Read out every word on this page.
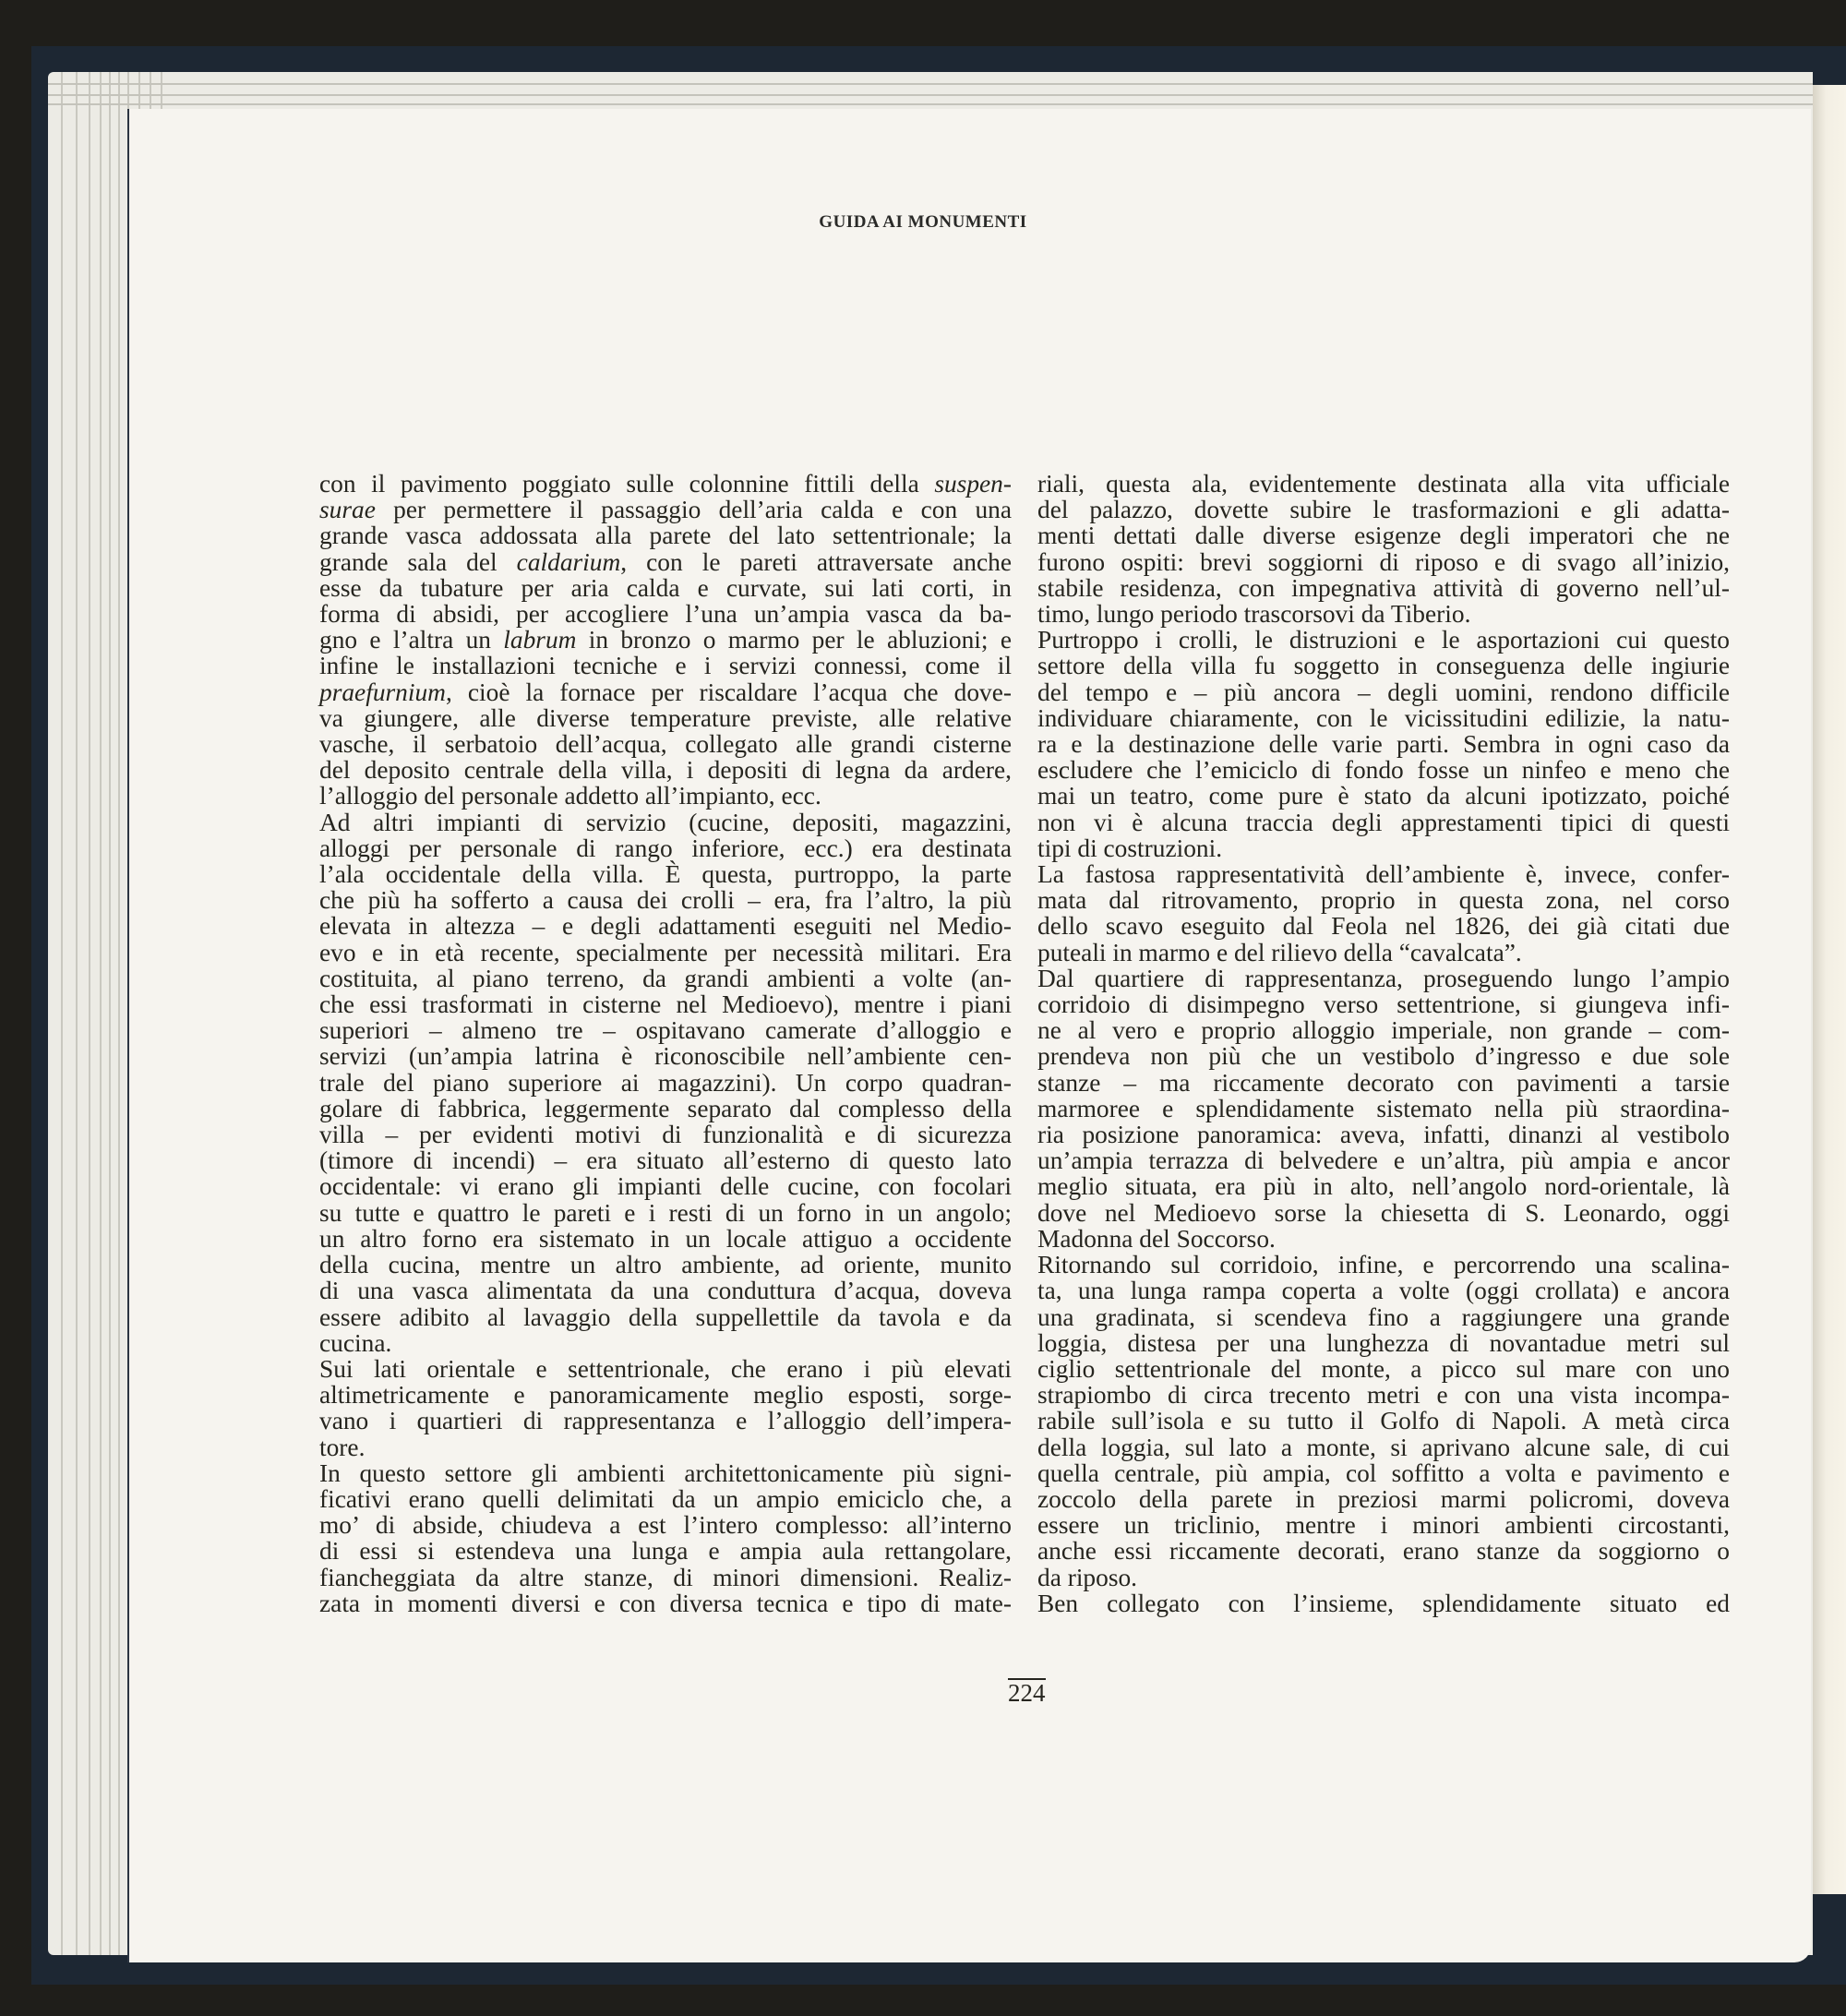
GUIDA AI MONUMENTI
con il pavimento poggiato sulle colonnine fittili della suspen-
surae per permettere il passaggio dell’aria calda e con una
grande vasca addossata alla parete del lato settentrionale; la
grande sala del caldarium, con le pareti attraversate anche
esse da tubature per aria calda e curvate, sui lati corti, in
forma di absidi, per accogliere l’una un’ampia vasca da ba-
gno e l’altra un labrum in bronzo o marmo per le abluzioni; e
infine le installazioni tecniche e i servizi connessi, come il
praefurnium, cioè la fornace per riscaldare l’acqua che dove-
va giungere, alle diverse temperature previste, alle relative
vasche, il serbatoio dell’acqua, collegato alle grandi cisterne
del deposito centrale della villa, i depositi di legna da ardere,
l’alloggio del personale addetto all’impianto, ecc.
Ad altri impianti di servizio (cucine, depositi, magazzini,
alloggi per personale di rango inferiore, ecc.) era destinata
l’ala occidentale della villa. È questa, purtroppo, la parte
che più ha sofferto a causa dei crolli – era, fra l’altro, la più
elevata in altezza – e degli adattamenti eseguiti nel Medio-
evo e in età recente, specialmente per necessità militari. Era
costituita, al piano terreno, da grandi ambienti a volte (an-
che essi trasformati in cisterne nel Medioevo), mentre i piani
superiori – almeno tre – ospitavano camerate d’alloggio e
servizi (un’ampia latrina è riconoscibile nell’ambiente cen-
trale del piano superiore ai magazzini). Un corpo quadran-
golare di fabbrica, leggermente separato dal complesso della
villa – per evidenti motivi di funzionalità e di sicurezza
(timore di incendi) – era situato all’esterno di questo lato
occidentale: vi erano gli impianti delle cucine, con focolari
su tutte e quattro le pareti e i resti di un forno in un angolo;
un altro forno era sistemato in un locale attiguo a occidente
della cucina, mentre un altro ambiente, ad oriente, munito
di una vasca alimentata da una conduttura d’acqua, doveva
essere adibito al lavaggio della suppellettile da tavola e da
cucina.
Sui lati orientale e settentrionale, che erano i più elevati
altimetricamente e panoramicamente meglio esposti, sorge-
vano i quartieri di rappresentanza e l’alloggio dell’impera-
tore.
In questo settore gli ambienti architettonicamente più signi-
ficativi erano quelli delimitati da un ampio emiciclo che, a
mo’ di abside, chiudeva a est l’intero complesso: all’interno
di essi si estendeva una lunga e ampia aula rettangolare,
fiancheggiata da altre stanze, di minori dimensioni. Realiz-
zata in momenti diversi e con diversa tecnica e tipo di mate-
riali, questa ala, evidentemente destinata alla vita ufficiale
del palazzo, dovette subire le trasformazioni e gli adatta-
menti dettati dalle diverse esigenze degli imperatori che ne
furono ospiti: brevi soggiorni di riposo e di svago all’inizio,
stabile residenza, con impegnativa attività di governo nell’ul-
timo, lungo periodo trascorsovi da Tiberio.
Purtroppo i crolli, le distruzioni e le asportazioni cui questo
settore della villa fu soggetto in conseguenza delle ingiurie
del tempo e – più ancora – degli uomini, rendono difficile
individuare chiaramente, con le vicissitudini edilizie, la natu-
ra e la destinazione delle varie parti. Sembra in ogni caso da
escludere che l’emiciclo di fondo fosse un ninfeo e meno che
mai un teatro, come pure è stato da alcuni ipotizzato, poiché
non vi è alcuna traccia degli apprestamenti tipici di questi
tipi di costruzioni.
La fastosa rappresentatività dell’ambiente è, invece, confer-
mata dal ritrovamento, proprio in questa zona, nel corso
dello scavo eseguito dal Feola nel 1826, dei già citati due
puteali in marmo e del rilievo della “cavalcata”.
Dal quartiere di rappresentanza, proseguendo lungo l’ampio
corridoio di disimpegno verso settentrione, si giungeva infi-
ne al vero e proprio alloggio imperiale, non grande – com-
prendeva non più che un vestibolo d’ingresso e due sole
stanze – ma riccamente decorato con pavimenti a tarsie
marmoree e splendidamente sistemato nella più straordina-
ria posizione panoramica: aveva, infatti, dinanzi al vestibolo
un’ampia terrazza di belvedere e un’altra, più ampia e ancor
meglio situata, era più in alto, nell’angolo nord-orientale, là
dove nel Medioevo sorse la chiesetta di S. Leonardo, oggi
Madonna del Soccorso.
Ritornando sul corridoio, infine, e percorrendo una scalina-
ta, una lunga rampa coperta a volte (oggi crollata) e ancora
una gradinata, si scendeva fino a raggiungere una grande
loggia, distesa per una lunghezza di novantadue metri sul
ciglio settentrionale del monte, a picco sul mare con uno
strapiombo di circa trecento metri e con una vista incompa-
rabile sull’isola e su tutto il Golfo di Napoli. A metà circa
della loggia, sul lato a monte, si aprivano alcune sale, di cui
quella centrale, più ampia, col soffitto a volta e pavimento e
zoccolo della parete in preziosi marmi policromi, doveva
essere un triclinio, mentre i minori ambienti circostanti,
anche essi riccamente decorati, erano stanze da soggiorno o
da riposo.
Ben collegato con l’insieme, splendidamente situato ed
224
